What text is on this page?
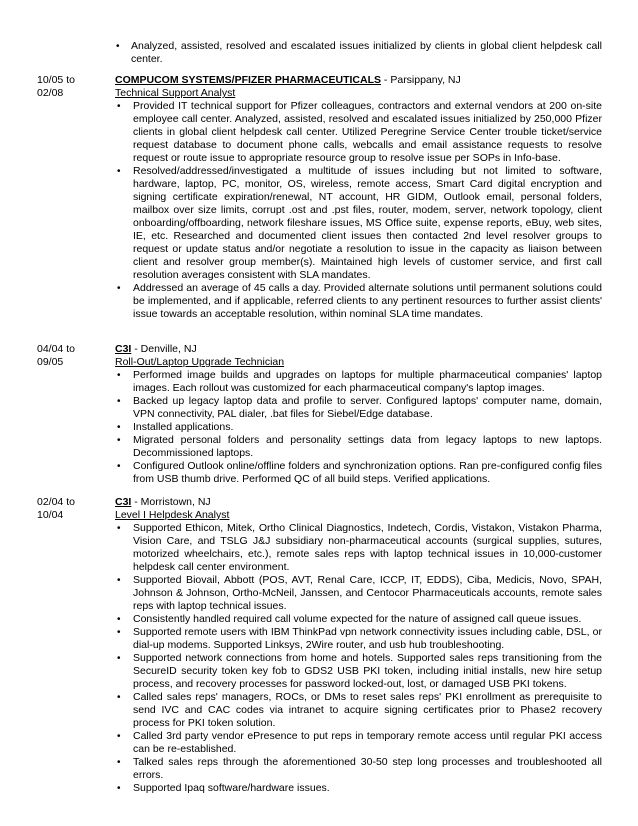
• Analyzed, assisted, resolved and escalated issues initialized by clients in global client helpdesk call center.
10/05 to
02/08
COMPUCOM SYSTEMS/PFIZER PHARMACEUTICALS - Parsippany, NJ
Technical Support Analyst
• Provided IT technical support for Pfizer colleagues, contractors and external vendors at 200 on-site employee call center. Analyzed, assisted, resolved and escalated issues initialized by 250,000 Pfizer clients in global client helpdesk call center. Utilized Peregrine Service Center trouble ticket/service request database to document phone calls, webcalls and email assistance requests to resolve request or route issue to appropriate resource group to resolve issue per SOPs in Info-base.
• Resolved/addressed/investigated a multitude of issues including but not limited to software, hardware, laptop, PC, monitor, OS, wireless, remote access, Smart Card digital encryption and signing certificate expiration/renewal, NT account, HR GIDM, Outlook email, personal folders, mailbox over size limits, corrupt .ost and .pst files, router, modem, server, network topology, client onboarding/offboarding, network fileshare issues, MS Office suite, expense reports, eBuy, web sites, IE, etc. Researched and documented client issues then contacted 2nd level resolver groups to request or update status and/or negotiate a resolution to issue in the capacity as liaison between client and resolver group member(s). Maintained high levels of customer service, and first call resolution averages consistent with SLA mandates.
• Addressed an average of 45 calls a day. Provided alternate solutions until permanent solutions could be implemented, and if applicable, referred clients to any pertinent resources to further assist clients' issue towards an acceptable resolution, within nominal SLA time mandates.
04/04 to
09/05
C3I - Denville, NJ
Roll-Out/Laptop Upgrade Technician
• Performed image builds and upgrades on laptops for multiple pharmaceutical companies' laptop images. Each rollout was customized for each pharmaceutical company's laptop images.
• Backed up legacy laptop data and profile to server. Configured laptops' computer name, domain, VPN connectivity, PAL dialer, .bat files for Siebel/Edge database.
• Installed applications.
• Migrated personal folders and personality settings data from legacy laptops to new laptops. Decommissioned laptops.
• Configured Outlook online/offline folders and synchronization options. Ran pre-configured config files from USB thumb drive. Performed QC of all build steps. Verified applications.
02/04 to
10/04
C3I - Morristown, NJ
Level I Helpdesk Analyst
• Supported Ethicon, Mitek, Ortho Clinical Diagnostics, Indetech, Cordis, Vistakon, Vistakon Pharma, Vision Care, and TSLG J&J subsidiary non-pharmaceutical accounts (surgical supplies, sutures, motorized wheelchairs, etc.), remote sales reps with laptop technical issues in 10,000-customer helpdesk call center environment.
• Supported Biovail, Abbott (POS, AVT, Renal Care, ICCP, IT, EDDS), Ciba, Medicis, Novo, SPAH, Johnson & Johnson, Ortho-McNeil, Janssen, and Centocor Pharmaceuticals accounts, remote sales reps with laptop technical issues.
• Consistently handled required call volume expected for the nature of assigned call queue issues.
• Supported remote users with IBM ThinkPad vpn network connectivity issues including cable, DSL, or dial-up modems. Supported Linksys, 2Wire router, and usb hub troubleshooting.
• Supported network connections from home and hotels. Supported sales reps transitioning from the SecureID security token key fob to GDS2 USB PKI token, including initial installs, new hire setup process, and recovery processes for password locked-out, lost, or damaged USB PKI tokens.
• Called sales reps' managers, ROCs, or DMs to reset sales reps' PKI enrollment as prerequisite to send IVC and CAC codes via intranet to acquire signing certificates prior to Phase2 recovery process for PKI token solution.
• Called 3rd party vendor ePresence to put reps in temporary remote access until regular PKI access can be re-established.
• Talked sales reps through the aforementioned 30-50 step long processes and troubleshooted all errors.
• Supported Ipaq software/hardware issues.
